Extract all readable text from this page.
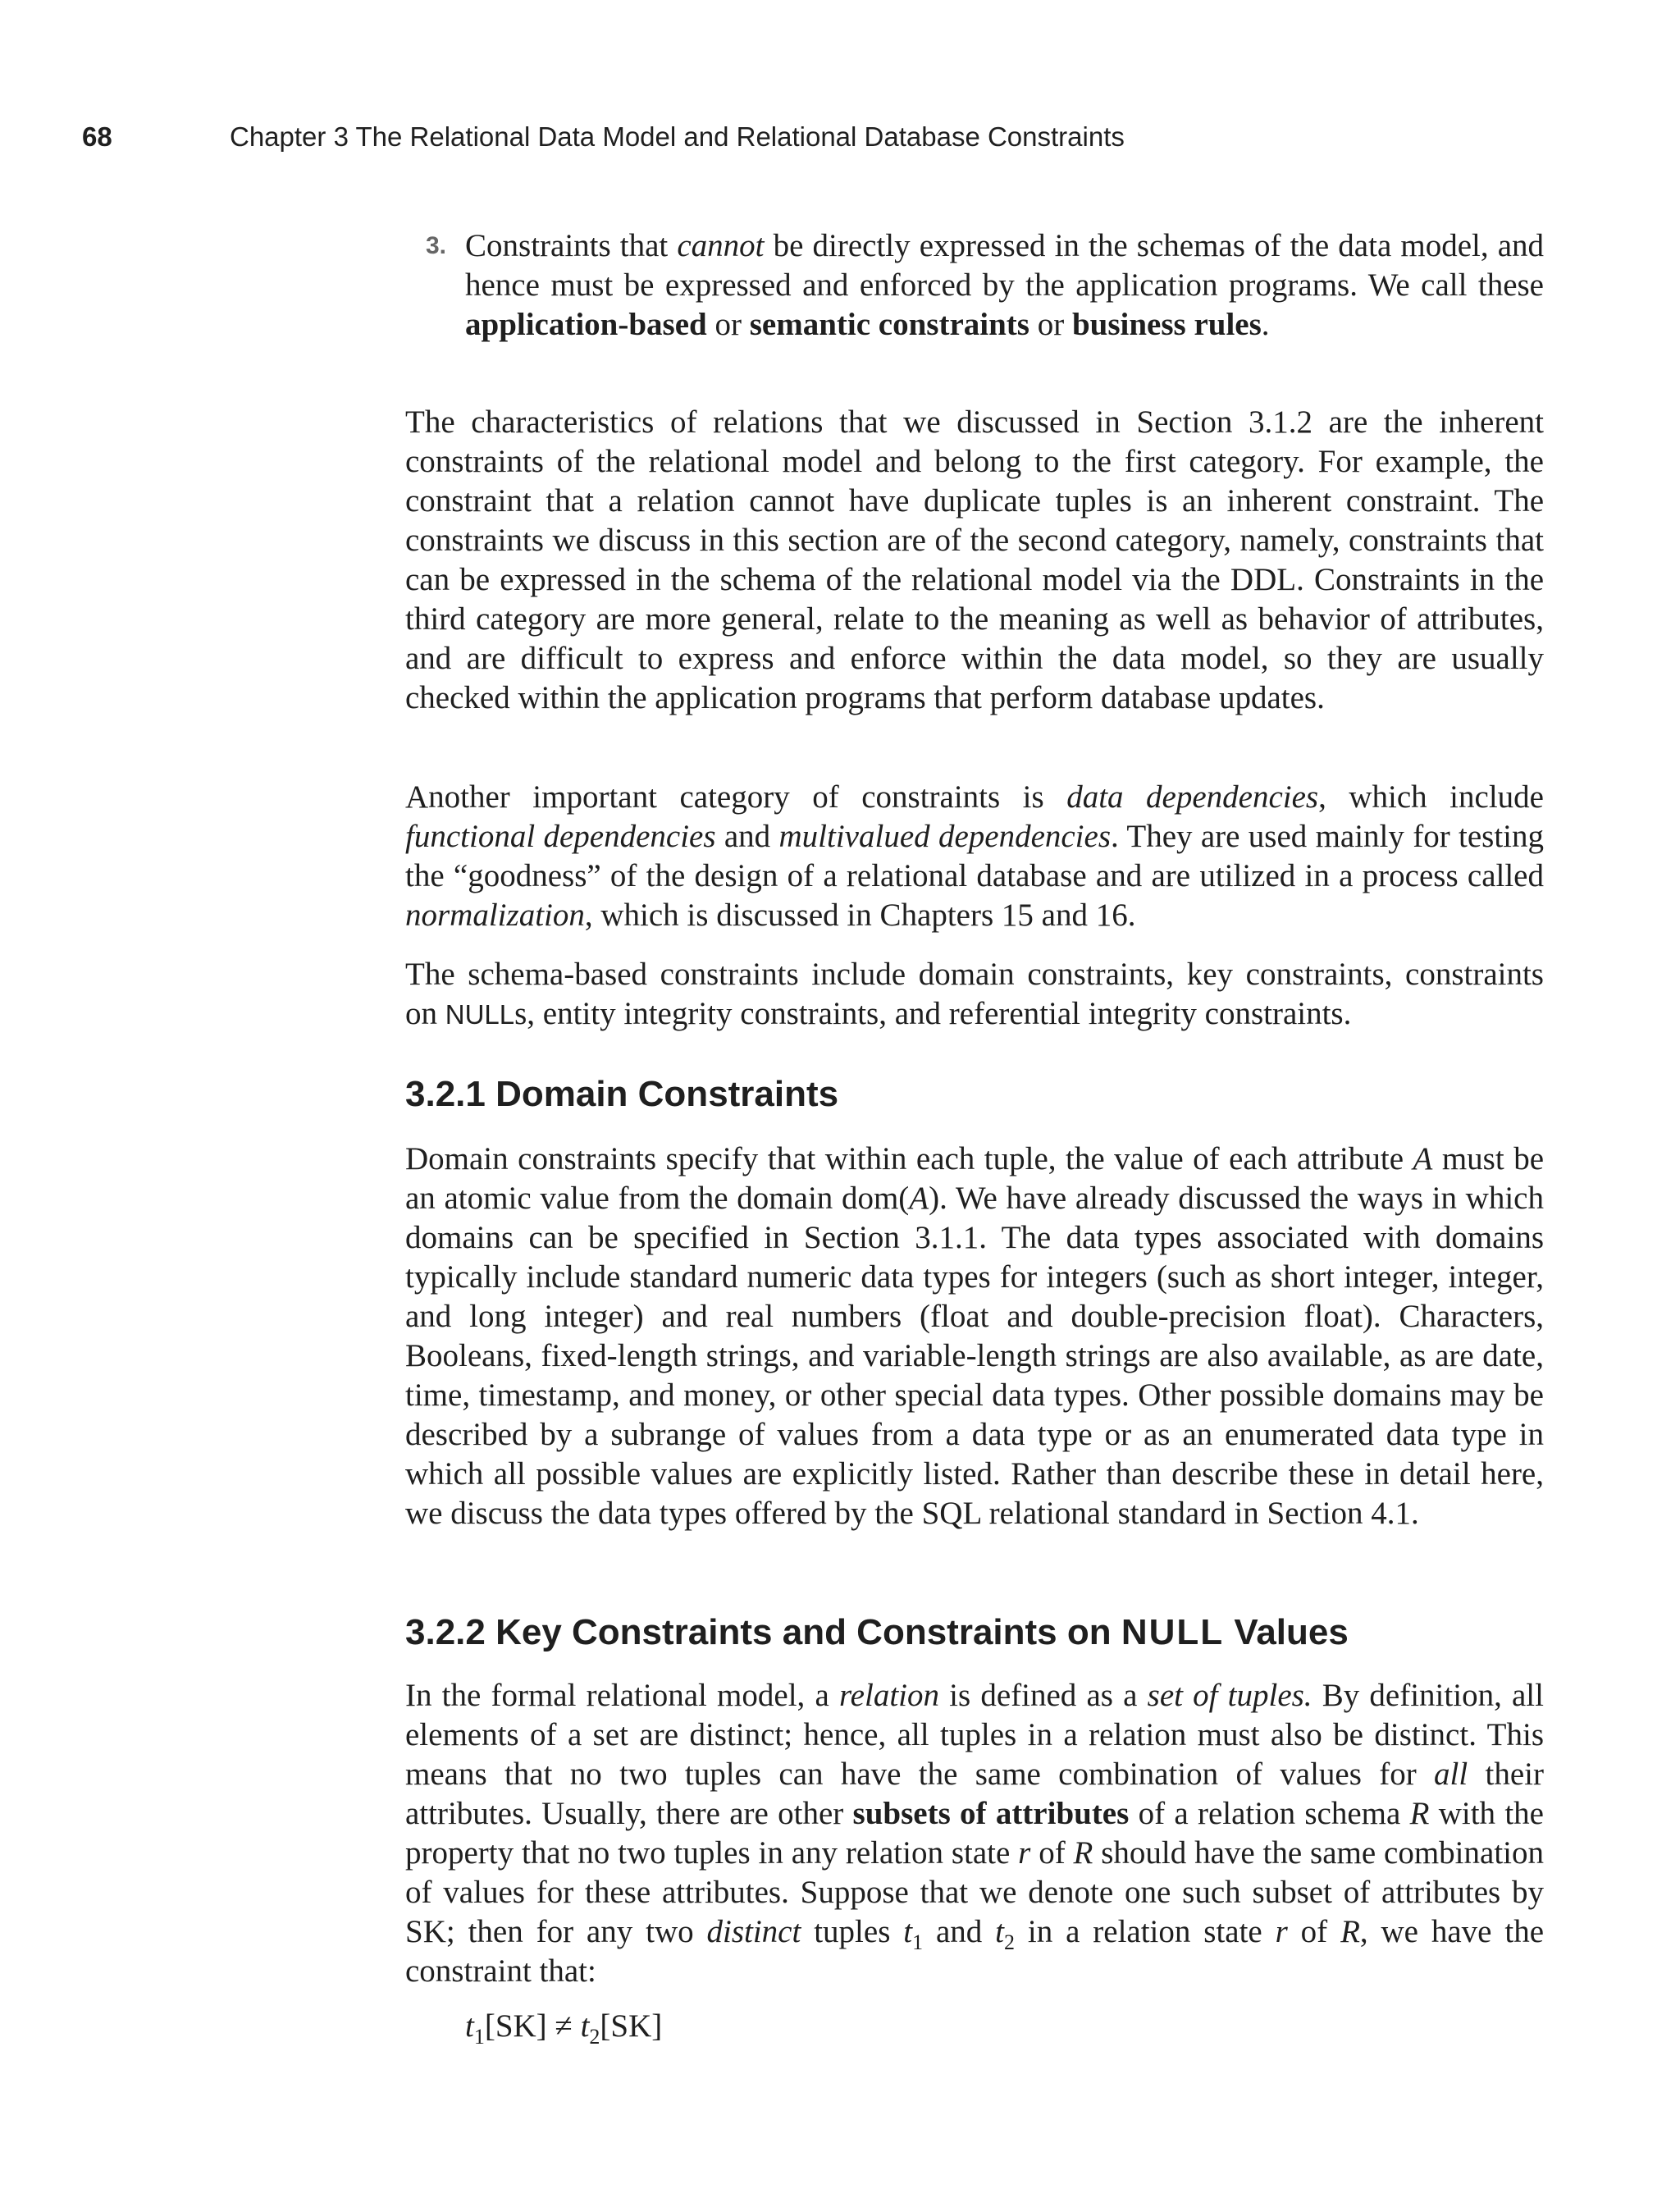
68	Chapter 3 The Relational Data Model and Relational Database Constraints

3. Constraints that cannot be directly expressed in the schemas of the data model, and hence must be expressed and enforced by the application programs. We call these application-based or semantic constraints or business rules.

The characteristics of relations that we discussed in Section 3.1.2 are the inherent constraints of the relational model and belong to the first category. For example, the constraint that a relation cannot have duplicate tuples is an inherent constraint. The constraints we discuss in this section are of the second category, namely, constraints that can be expressed in the schema of the relational model via the DDL. Constraints in the third category are more general, relate to the meaning as well as behavior of attributes, and are difficult to express and enforce within the data model, so they are usually checked within the application programs that perform database updates.

Another important category of constraints is data dependencies, which include functional dependencies and multivalued dependencies. They are used mainly for testing the “goodness” of the design of a relational database and are utilized in a process called normalization, which is discussed in Chapters 15 and 16.

The schema-based constraints include domain constraints, key constraints, constraints on NULLs, entity integrity constraints, and referential integrity constraints.

3.2.1 Domain Constraints

Domain constraints specify that within each tuple, the value of each attribute A must be an atomic value from the domain dom(A). We have already discussed the ways in which domains can be specified in Section 3.1.1. The data types associated with domains typically include standard numeric data types for integers (such as short integer, integer, and long integer) and real numbers (float and double-precision float). Characters, Booleans, fixed-length strings, and variable-length strings are also available, as are date, time, timestamp, and money, or other special data types. Other possible domains may be described by a subrange of values from a data type or as an enumerated data type in which all possible values are explicitly listed. Rather than describe these in detail here, we discuss the data types offered by the SQL relational standard in Section 4.1.

3.2.2 Key Constraints and Constraints on NULL Values

In the formal relational model, a relation is defined as a set of tuples. By definition, all elements of a set are distinct; hence, all tuples in a relation must also be distinct. This means that no two tuples can have the same combination of values for all their attributes. Usually, there are other subsets of attributes of a relation schema R with the property that no two tuples in any relation state r of R should have the same combination of values for these attributes. Suppose that we denote one such subset of attributes by SK; then for any two distinct tuples $t_1$ and $t_2$ in a relation state r of R, we have the constraint that:

$t_1[SK] \ne t_2[SK]$
